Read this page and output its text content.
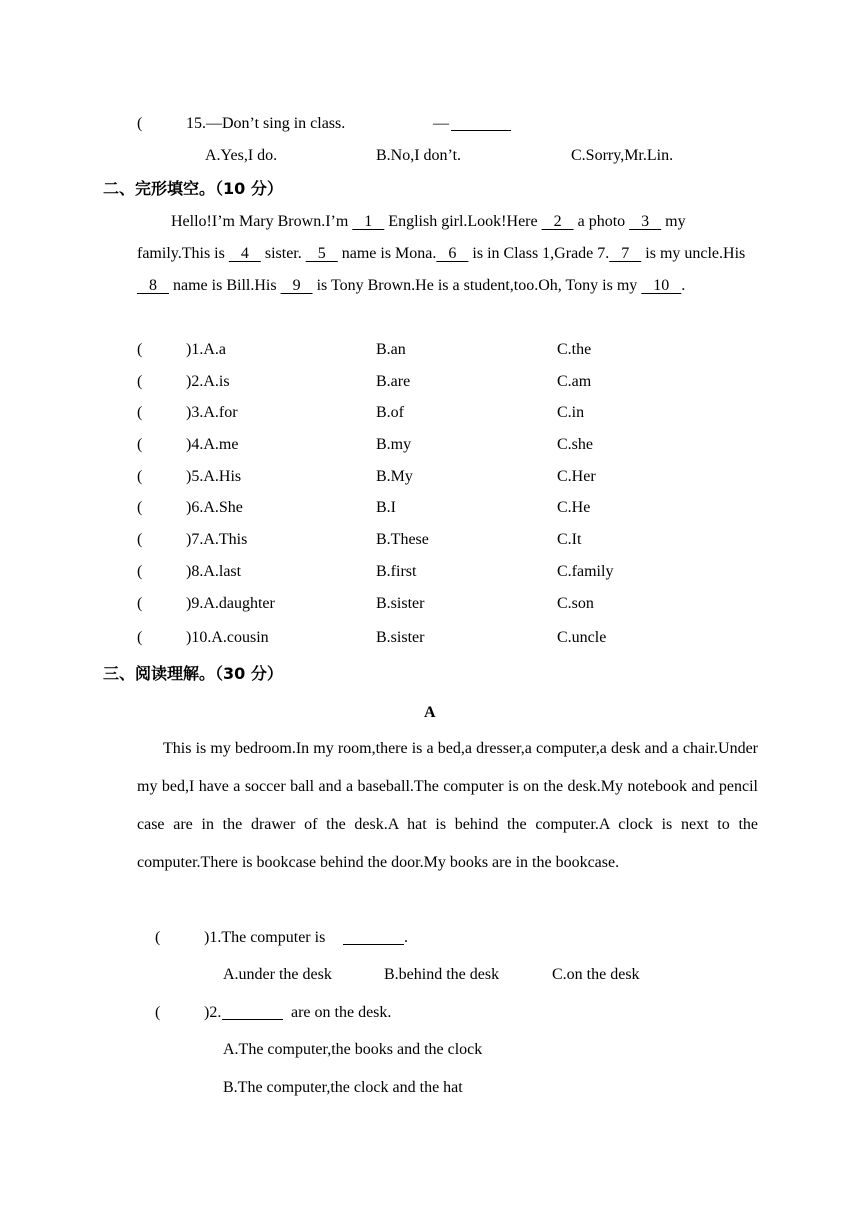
(	15.—Don’t sing in class.	—
A.Yes,I do.	B.No,I don’t.	C.Sorry,Mr.Lin.
二、完形填空。（10 分）
Hello!I’m Mary Brown.I’m    1    English girl.Look!Here    2    a photo    3    my family.This is    4    sister.    5    name is Mona.   6    is in Class 1,Grade 7.   7    is my uncle.His    8    name is Bill.His    9    is Tony Brown.He is a student,too.Oh, Tony is my    10   .
(	)1.A.a	B.an	C.the
(	)2.A.is	B.are	C.am
(	)3.A.for	B.of	C.in
(	)4.A.me	B.my	C.she
(	)5.A.His	B.My	C.Her
(	)6.A.She	B.I	C.He
(	)7.A.This	B.These	C.It
(	)8.A.last	B.first	C.family
(	)9.A.daughter	B.sister	C.son
(	)10.A.cousin	B.sister	C.uncle
三、阅读理解。（30 分）
A
This is my bedroom.In my room,there is a bed,a dresser,a computer,a desk and a chair.Under my bed,I have a soccer ball and a baseball.The computer is on the desk.My notebook and pencil case are in the drawer of the desk.A hat is behind the computer.A clock is next to the computer.There is bookcase behind the door.My books are in the bookcase.
(	)1.The computer is	.
A.under the desk	B.behind the desk	C.on the desk
(	)2.	are on the desk.
A.The computer,the books and the clock
B.The computer,the clock and the hat
